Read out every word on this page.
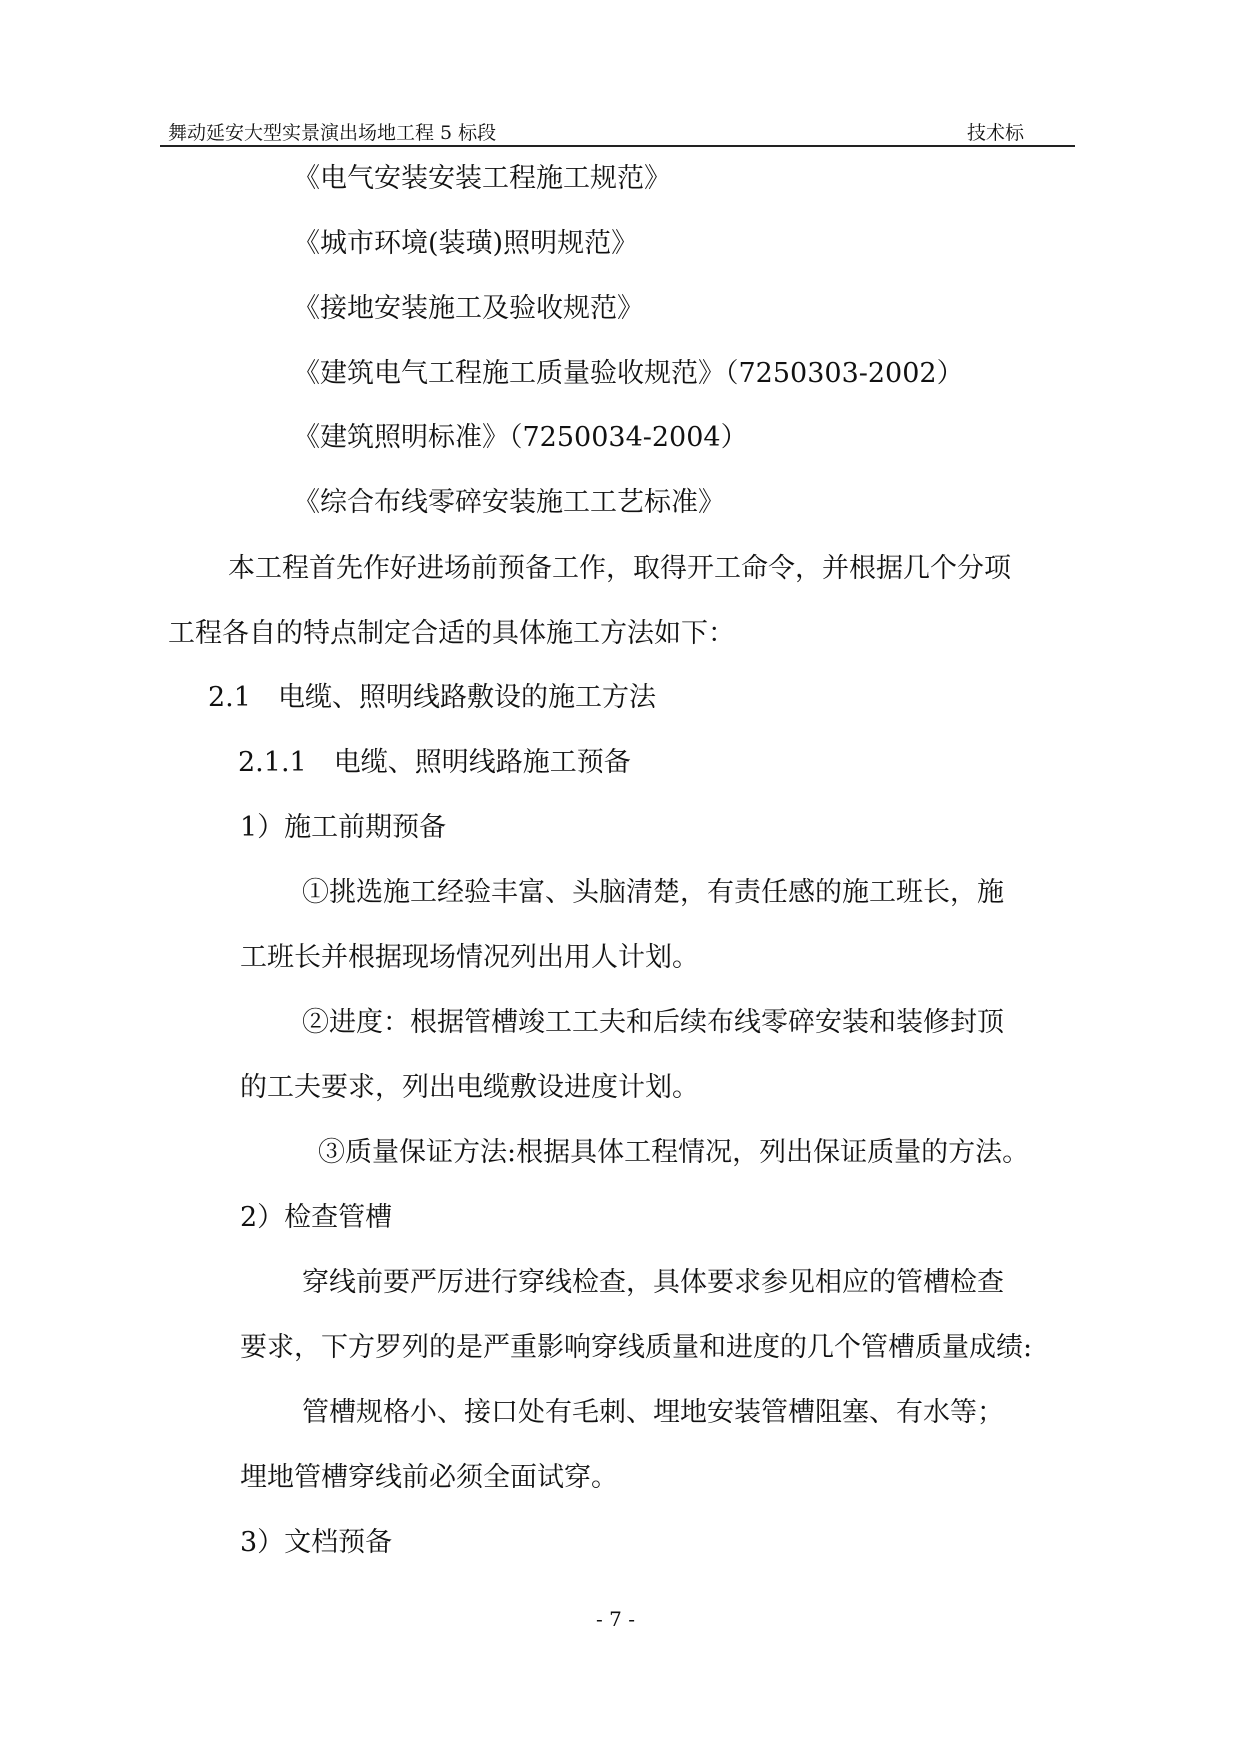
舞动延安大型实景演出场地工程 5 标段	技术标
《电气安装安装工程施工规范》
《城市环境(装璜)照明规范》
《接地安装施工及验收规范》
《建筑电气工程施工质量验收规范》（7250303-2002）
《建筑照明标准》（7250034-2004）
《综合布线零碎安装施工工艺标准》
本工程首先作好进场前预备工作，取得开工命令，并根据几个分项
工程各自的特点制定合适的具体施工方法如下：
2.1　电缆、照明线路敷设的施工方法
2.1.1　电缆、照明线路施工预备
1）施工前期预备
①挑选施工经验丰富、头脑清楚，有责任感的施工班长，施
工班长并根据现场情况列出用人计划。
②进度：根据管槽竣工工夫和后续布线零碎安装和装修封顶
的工夫要求，列出电缆敷设进度计划。
③质量保证方法:根据具体工程情况，列出保证质量的方法。
2）检查管槽
穿线前要严厉进行穿线检查，具体要求参见相应的管槽检查
要求，下方罗列的是严重影响穿线质量和进度的几个管槽质量成绩:
管槽规格小、接口处有毛刺、埋地安装管槽阻塞、有水等；
埋地管槽穿线前必须全面试穿。
3）文档预备
- 7 -
